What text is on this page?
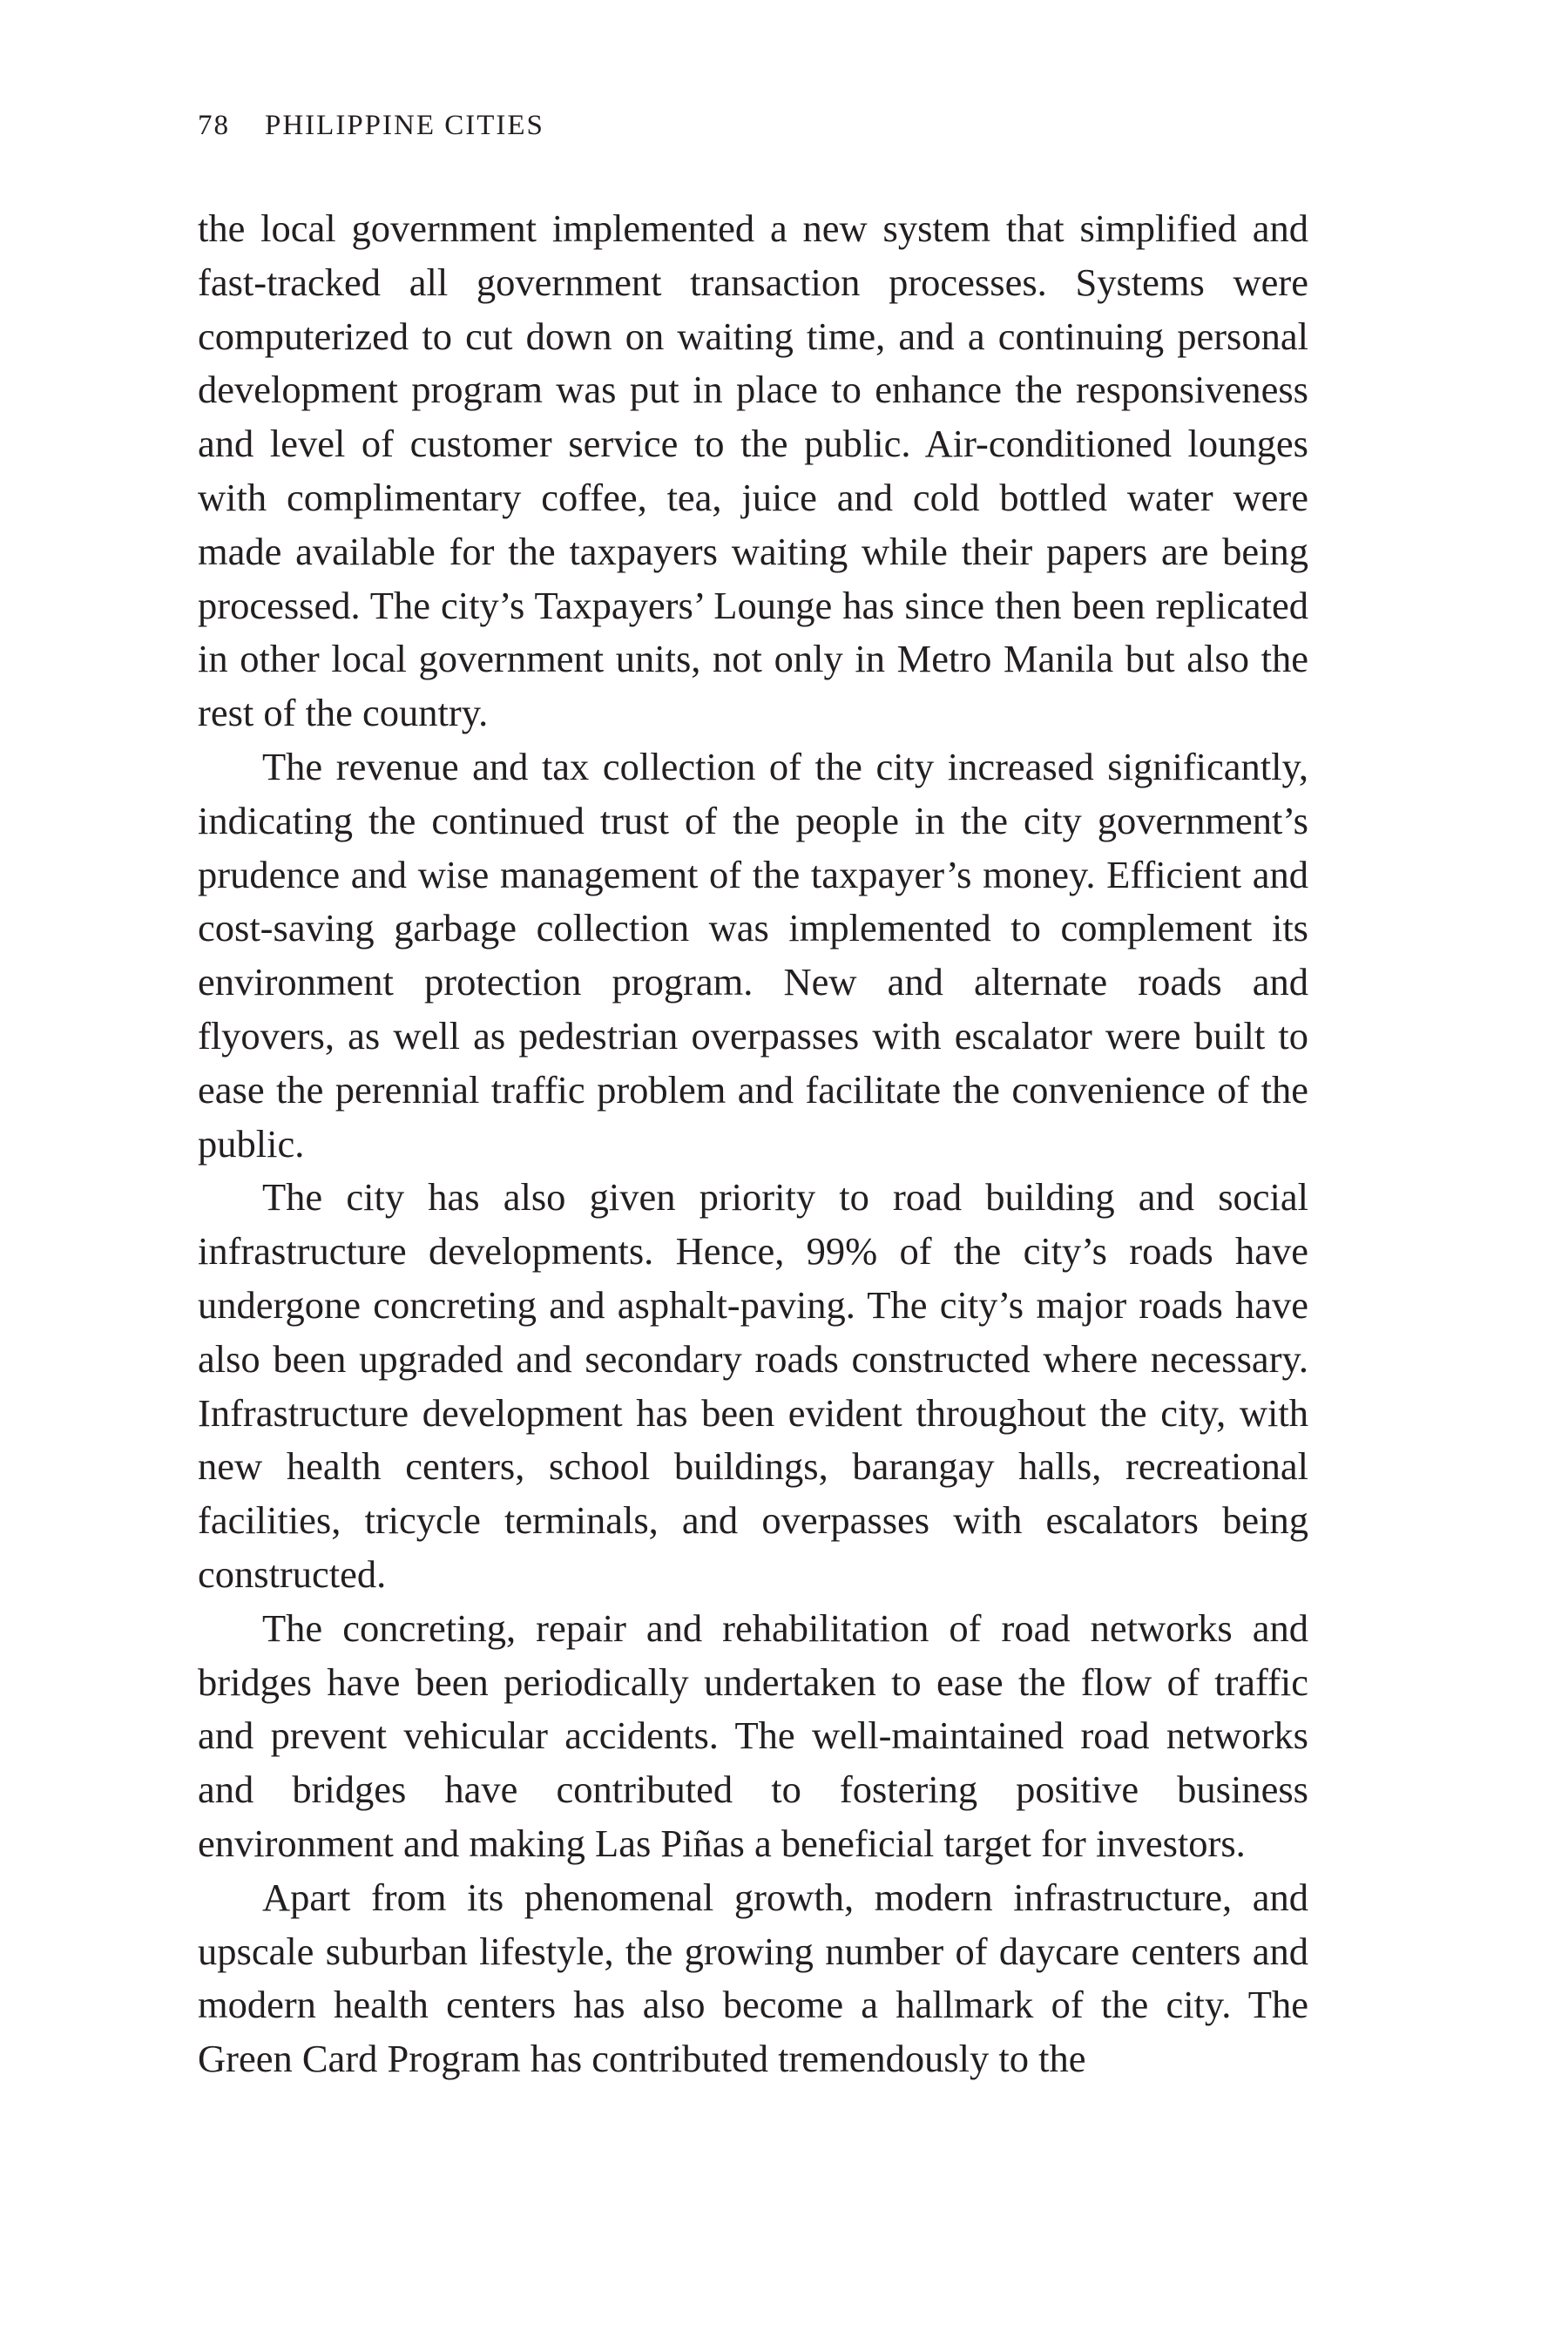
78 PHILIPPINE CITIES

the local government implemented a new system that simplified and fast-tracked all government transaction processes. Systems were computerized to cut down on waiting time, and a continuing personal development program was put in place to enhance the responsiveness and level of customer service to the public. Air-conditioned lounges with complimentary coffee, tea, juice and cold bottled water were made available for the taxpayers waiting while their papers are being processed. The city’s Taxpayers’ Lounge has since then been replicated in other local government units, not only in Metro Manila but also the rest of the country.

The revenue and tax collection of the city increased significantly, indicating the continued trust of the people in the city government’s prudence and wise management of the taxpayer’s money. Efficient and cost-saving garbage collection was implemented to complement its environment protection program. New and alternate roads and flyovers, as well as pedestrian overpasses with escalator were built to ease the perennial traffic problem and facilitate the convenience of the public.

The city has also given priority to road building and social infrastructure developments. Hence, 99% of the city’s roads have undergone concreting and asphalt-paving. The city’s major roads have also been upgraded and secondary roads constructed where necessary. Infrastructure development has been evident throughout the city, with new health centers, school buildings, barangay halls, recreational facilities, tricycle terminals, and overpasses with escalators being constructed.

The concreting, repair and rehabilitation of road networks and bridges have been periodically undertaken to ease the flow of traffic and prevent vehicular accidents. The well-maintained road networks and bridges have contributed to fostering positive business environment and making Las Piñas a beneficial target for investors.

Apart from its phenomenal growth, modern infrastructure, and upscale suburban lifestyle, the growing number of daycare centers and modern health centers has also become a hallmark of the city. The Green Card Program has contributed tremendously to the
